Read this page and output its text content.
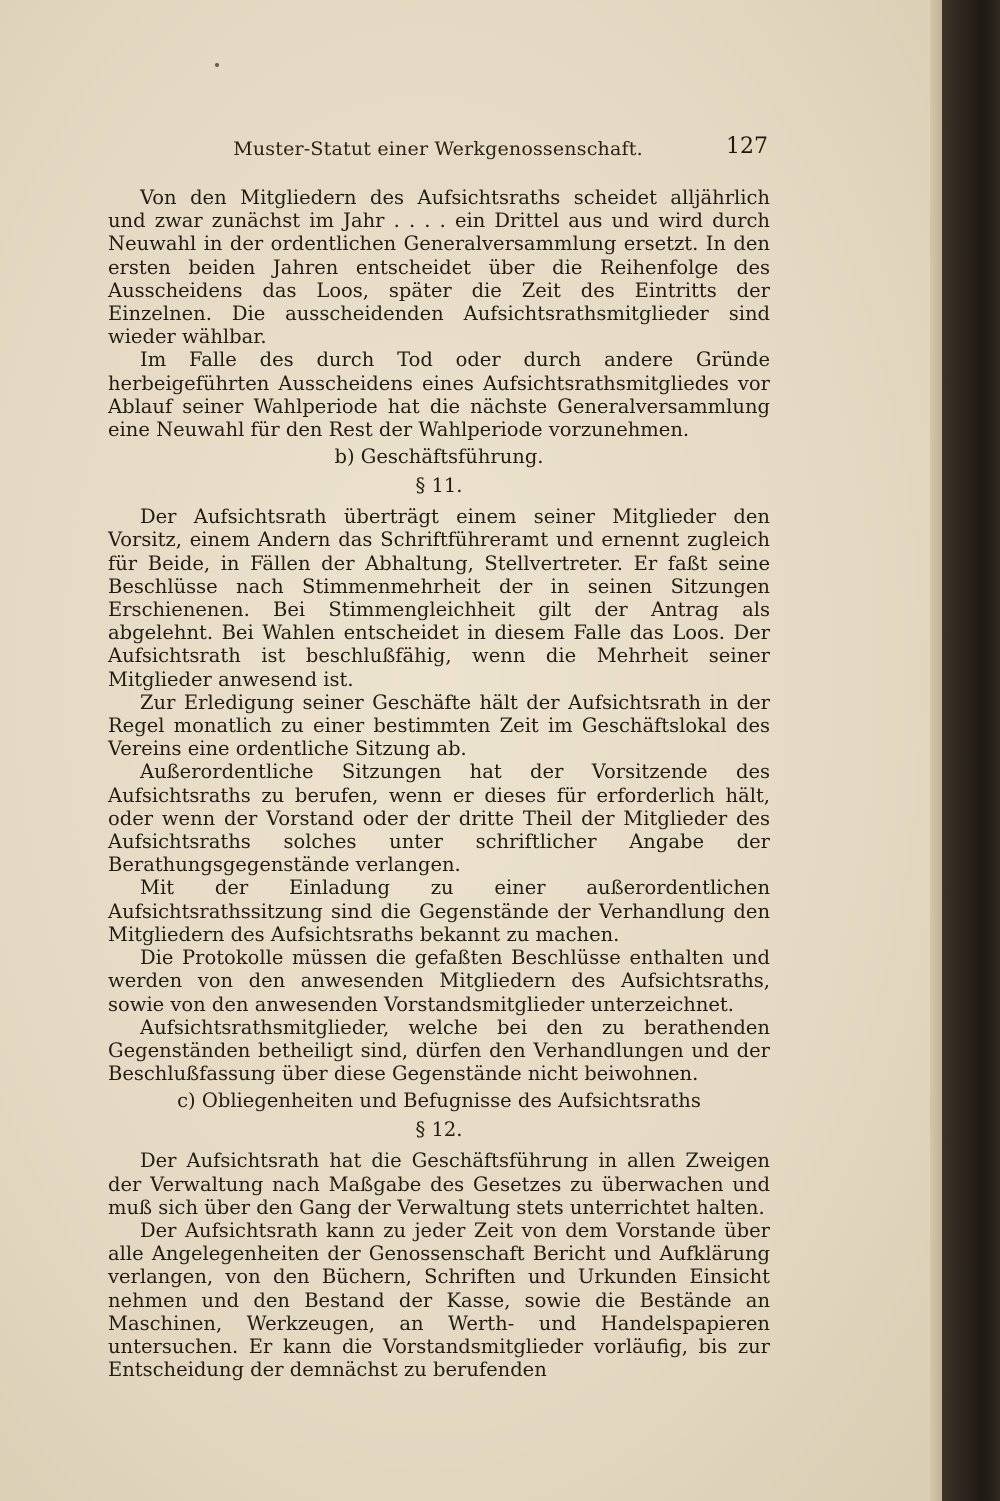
Muster-Statut einer Werkgenossenschaft.	127

Von den Mitgliedern des Aufsichtsraths scheidet alljährlich und zwar zunächst im Jahr . . . . ein Drittel aus und wird durch Neuwahl in der ordentlichen Generalversammlung ersetzt. In den ersten beiden Jahren entscheidet über die Reihenfolge des Ausscheidens das Loos, später die Zeit des Eintritts der Einzelnen. Die ausscheidenden Aufsichtsrathsmitglieder sind wieder wählbar.

Im Falle des durch Tod oder durch andere Gründe herbeigeführten Ausscheidens eines Aufsichtsrathsmitgliedes vor Ablauf seiner Wahlperiode hat die nächste Generalversammlung eine Neuwahl für den Rest der Wahlperiode vorzunehmen.

b) Geschäftsführung.
§ 11.

Der Aufsichtsrath überträgt einem seiner Mitglieder den Vorsitz, einem Andern das Schriftführeramt und ernennt zugleich für Beide, in Fällen der Abhaltung, Stellvertreter. Er faßt seine Beschlüsse nach Stimmenmehrheit der in seinen Sitzungen Erschienenen. Bei Stimmengleichheit gilt der Antrag als abgelehnt. Bei Wahlen entscheidet in diesem Falle das Loos. Der Aufsichtsrath ist beschlußfähig, wenn die Mehrheit seiner Mitglieder anwesend ist.

Zur Erledigung seiner Geschäfte hält der Aufsichtsrath in der Regel monatlich zu einer bestimmten Zeit im Geschäftslokal des Vereins eine ordentliche Sitzung ab.

Außerordentliche Sitzungen hat der Vorsitzende des Aufsichtsraths zu berufen, wenn er dieses für erforderlich hält, oder wenn der Vorstand oder der dritte Theil der Mitglieder des Aufsichtsraths solches unter schriftlicher Angabe der Berathungsgegenstände verlangen.

Mit der Einladung zu einer außerordentlichen Aufsichtsrathssitzung sind die Gegenstände der Verhandlung den Mitgliedern des Aufsichtsraths bekannt zu machen.

Die Protokolle müssen die gefaßten Beschlüsse enthalten und werden von den anwesenden Mitgliedern des Aufsichtsraths, sowie von den anwesenden Vorstandsmitglieder unterzeichnet.

Aufsichtsrathsmitglieder, welche bei den zu berathenden Gegenständen betheiligt sind, dürfen den Verhandlungen und der Beschlußfassung über diese Gegenstände nicht beiwohnen.

c) Obliegenheiten und Befugnisse des Aufsichtsraths
§ 12.

Der Aufsichtsrath hat die Geschäftsführung in allen Zweigen der Verwaltung nach Maßgabe des Gesetzes zu überwachen und muß sich über den Gang der Verwaltung stets unterrichtet halten.

Der Aufsichtsrath kann zu jeder Zeit von dem Vorstande über alle Angelegenheiten der Genossenschaft Bericht und Aufklärung verlangen, von den Büchern, Schriften und Urkunden Einsicht nehmen und den Bestand der Kasse, sowie die Bestände an Maschinen, Werkzeugen, an Werth- und Handelspapieren untersuchen. Er kann die Vorstandsmitglieder vorläufig, bis zur Entscheidung der demnächst zu berufenden
